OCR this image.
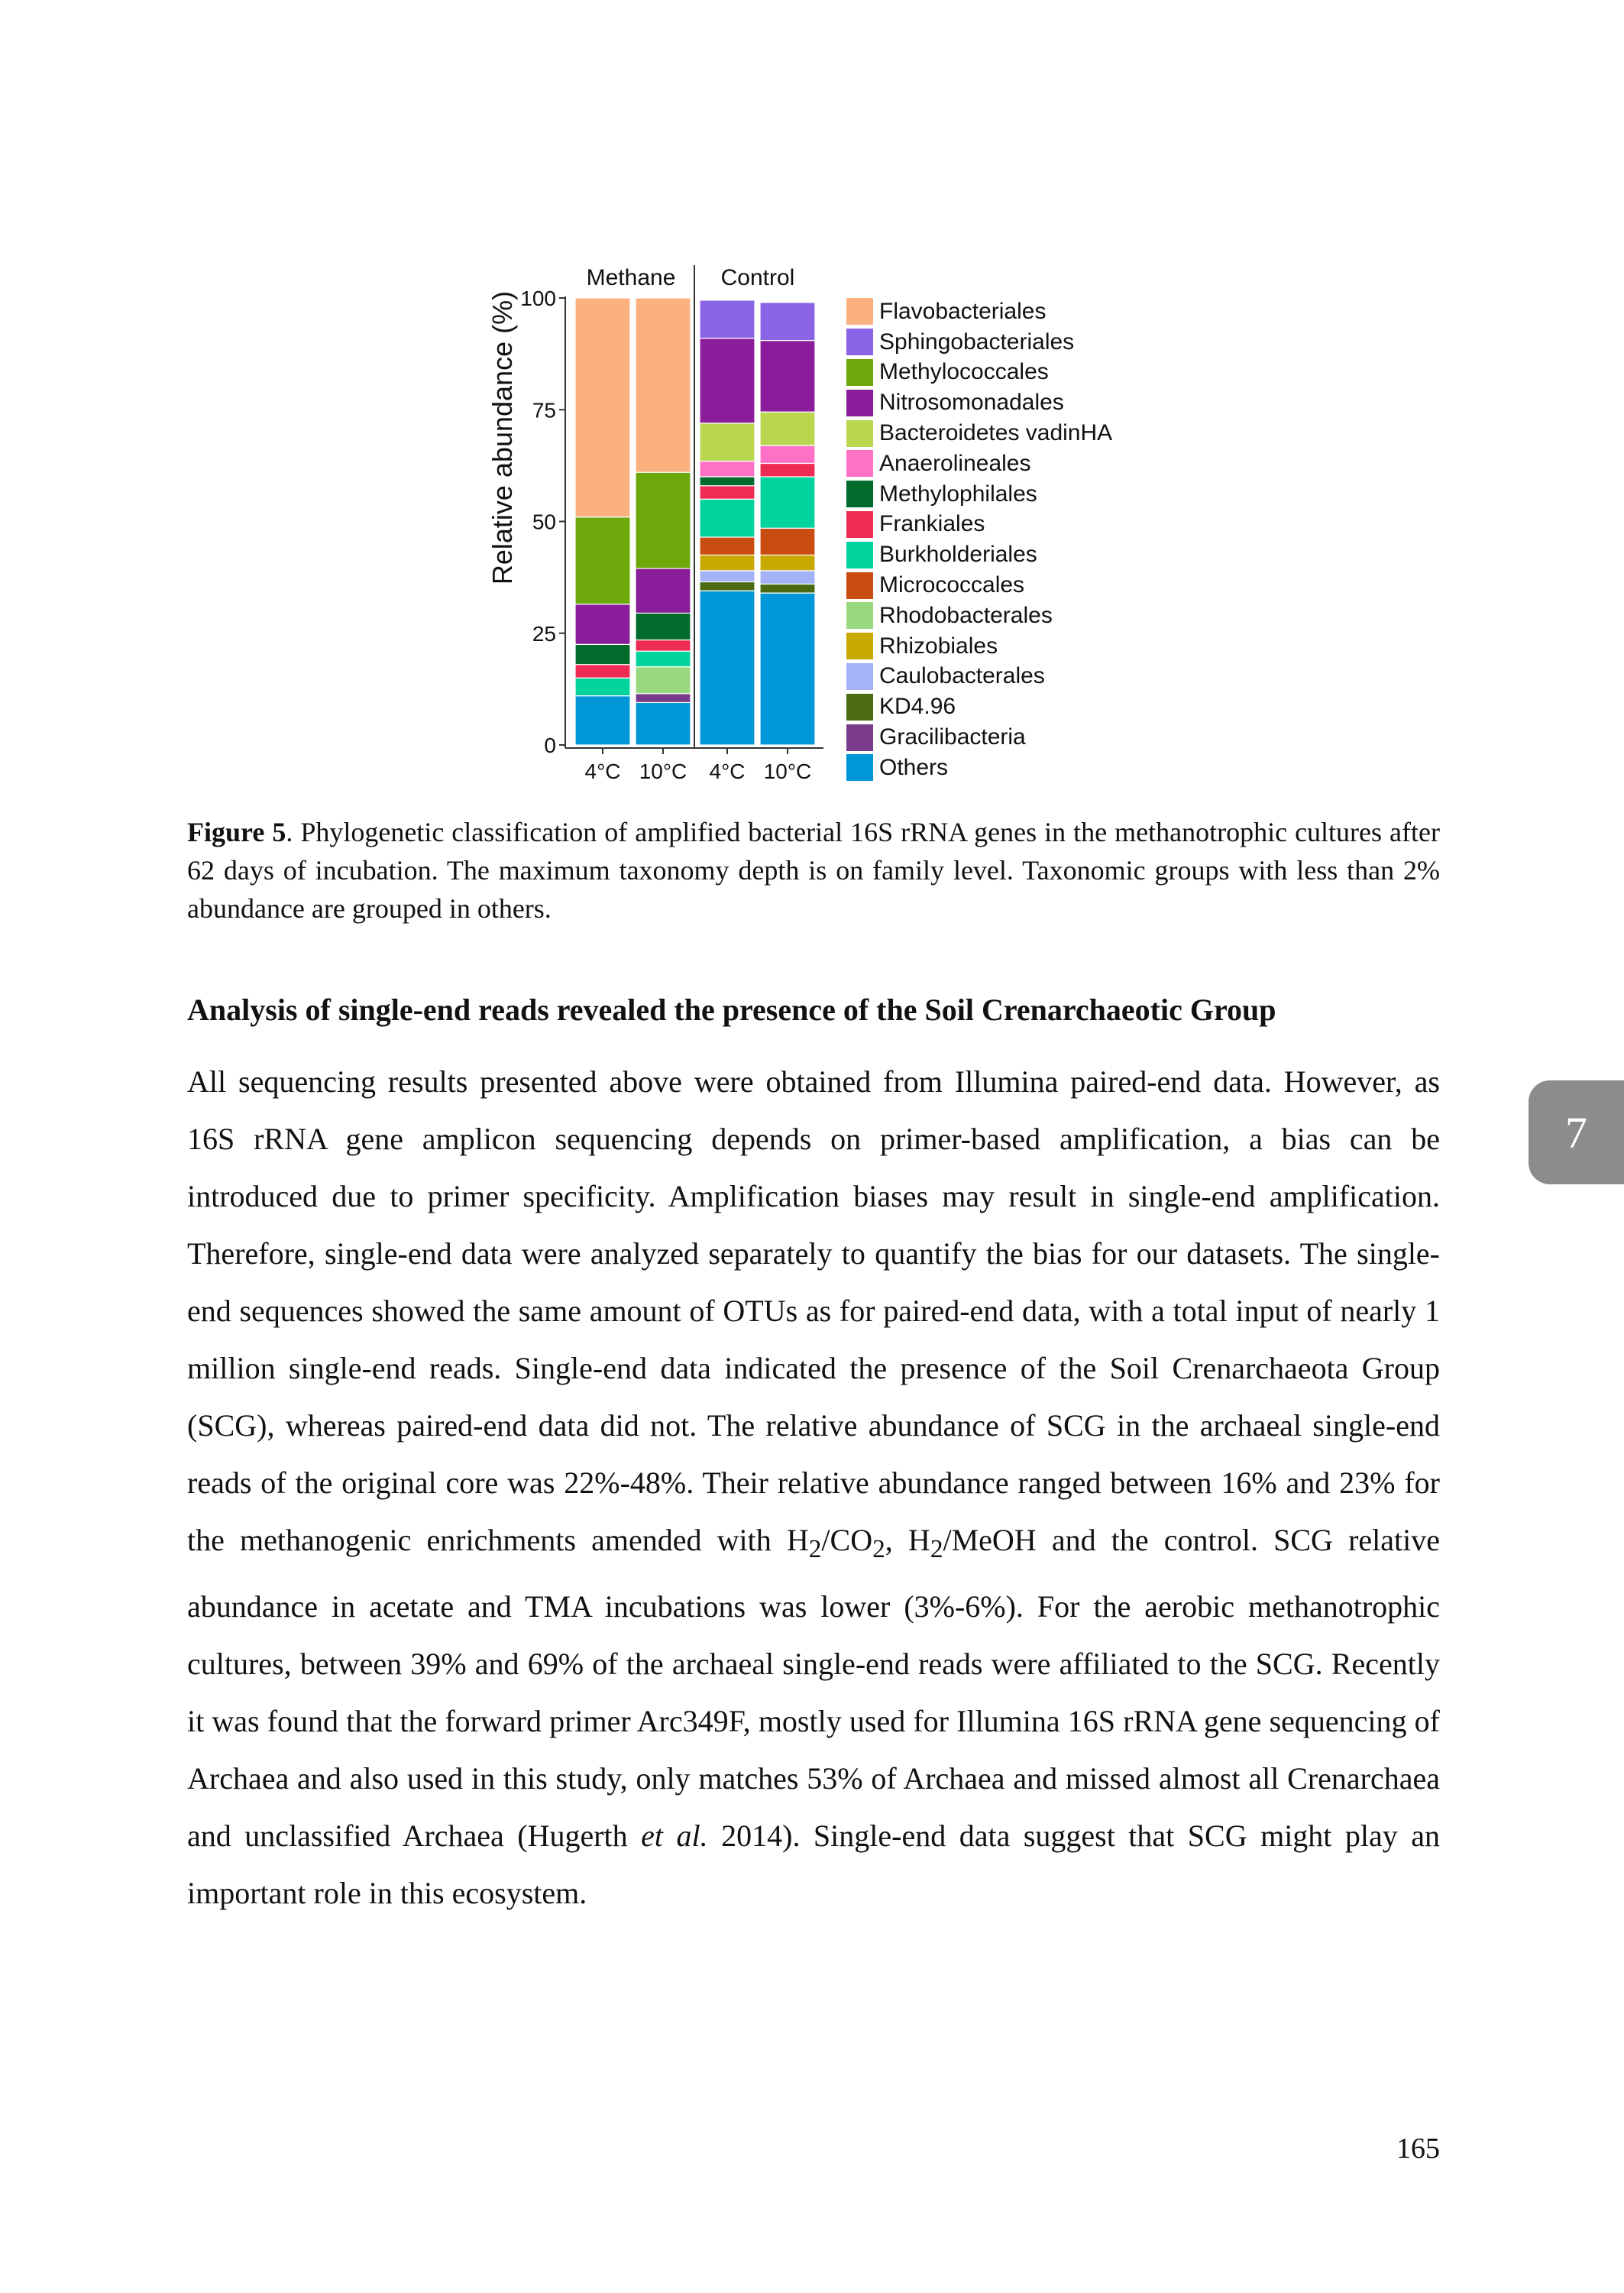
Methane Control
0
25
50
75
100
4°C 10°C 4°C 10°C
Relative abundance (%)	Flavobacteriales
Sphingobacteriales
Methylococcales
Nitrosomonadales
Bacteroidetes vadinHA
Anaerolineales
Methylophilales
Frankiales
Burkholderiales
Micrococcales
Rhodobacterales
Rhizobiales
Caulobacterales
KD4.96
Gracilibacteria
Others
Figure 5. Phylogenetic classification of amplified bacterial 16S rRNA genes in the methanotrophic cultures after 62 days of incubation. The maximum taxonomy depth is on family level. Taxonomic groups with less than 2% abundance are grouped in others.
Analysis of single-end reads revealed the presence of the Soil Crenarchaeotic Group

All sequencing results presented above were obtained from Illumina paired-end data. However, as 16S rRNA gene amplicon sequencing depends on primer-based amplification, a bias can be introduced due to primer specificity. Amplification biases may result in single-end amplification. Therefore, single-end data were analyzed separately to quantify the bias for our datasets. The single-end sequences showed the same amount of OTUs as for paired-end data, with a total input of nearly 1 million single-end reads. Single-end data indicated the presence of the Soil Crenarchaeota Group (SCG), whereas paired-end data did not. The relative abundance of SCG in the archaeal single-end reads of the original core was 22%-48%. Their relative abundance ranged between 16% and 23% for the methanogenic enrichments amended with $H_2/CO_2$, $H_2$/MeOH and the control. SCG relative abundance in acetate and TMA incubations was lower (3%-6%). For the aerobic methanotrophic cultures, between 39% and 69% of the archaeal single-end reads were affiliated to the SCG. Recently it was found that the forward primer Arc349F, mostly used for Illumina 16S rRNA gene sequencing of Archaea and also used in this study, only matches 53% of Archaea and missed almost all Crenarchaea and unclassified Archaea (Hugerth et al. 2014). Single-end data suggest that SCG might play an important role in this ecosystem.

7
165
